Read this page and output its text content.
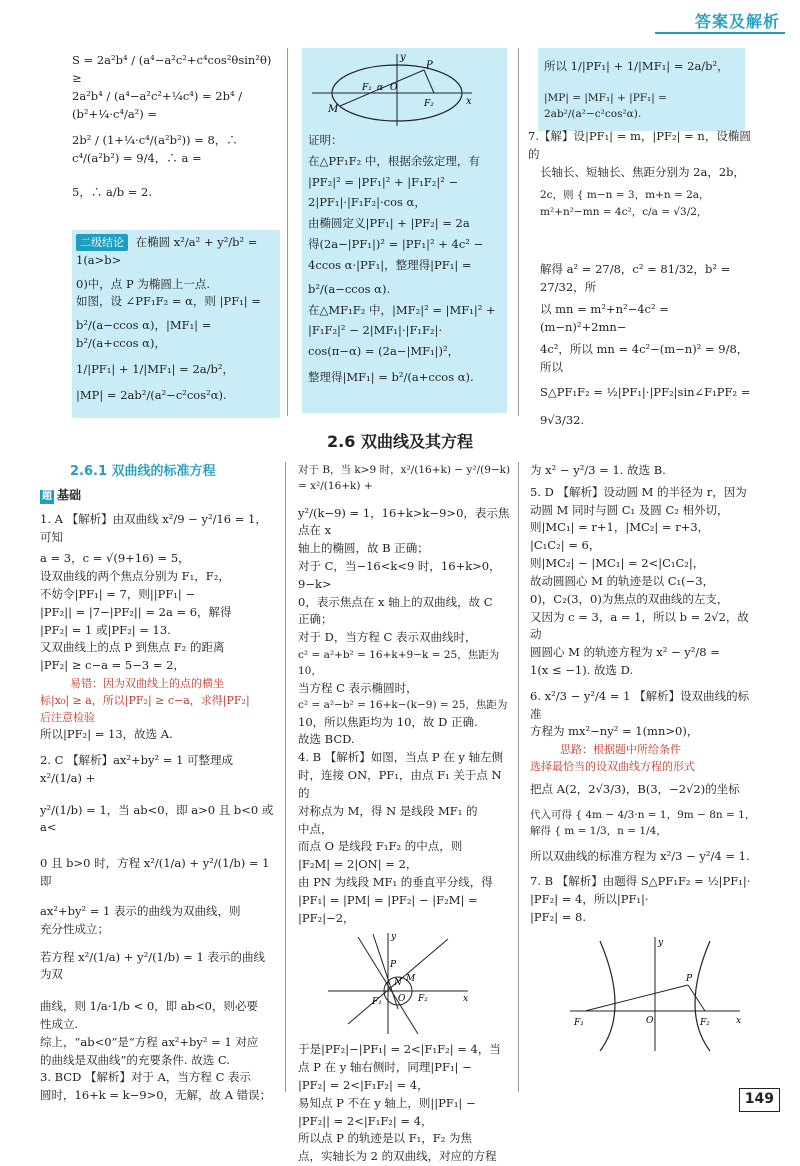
答案及解析

S = 2a²b⁴ / (a⁴−a²c²+c⁴cos²θsin²θ) ≥

2a²b⁴ / (a⁴−a²c²+¼c⁴) = 2b⁴ / (b²+¼·c⁴/a²) =

2b² / (1+¼·c⁴/(a²b²)) = 8，∴ c⁴/(a²b²) = 9/4，∴ a =

5，∴ a/b = 2.

二级结论 在椭圆 x²/a² + y²/b² = 1(a>b>

0)中，点 P 为椭圆上一点.

如图，设 ∠PF₁F₂ = α，则 |PF₁| =

b²/(a−ccos α)，|MF₁| = b²/(a+ccos α)，

1/|PF₁| + 1/|MF₁| = 2a/b²，

|MP| = 2ab²/(a²−c²cos²α).

y
x
P
M
F₁ α O
F₂

证明：

在△PF₁F₂ 中，根据余弦定理，有

|PF₂|² = |PF₁|² + |F₁F₂|² −

2|PF₁|·|F₁F₂|·cos α，

由椭圆定义|PF₁| + |PF₂| = 2a

得(2a−|PF₁|)² = |PF₁|² + 4c² −

4ccos α·|PF₁|，整理得|PF₁| =

b²/(a−ccos α).

在△MF₁F₂ 中，|MF₂|² = |MF₁|² +

|F₁F₂|² − 2|MF₁|·|F₁F₂|·

cos(π−α) = (2a−|MF₁|)²，

整理得|MF₁| = b²/(a+ccos α).

所以 1/|PF₁| + 1/|MF₁| = 2a/b²，

|MP| = |MF₁| + |PF₁| = 2ab²/(a²−c²cos²α).

7.【解】设|PF₁| = m，|PF₂| = n，设椭圆的

长轴长、短轴长、焦距分别为 2a，2b，

2c，则 { m−n = 3，m+n = 2a，m²+n²−mn = 4c²，c/a = √3/2，

解得 a² = 27/8，c² = 81/32，b² = 27/32，所

以 mn = m²+n²−4c² = (m−n)²+2mn−

4c²，所以 mn = 4c²−(m−n)² = 9/8，所以

S△PF₁F₂ = ½|PF₁|·|PF₂|sin∠F₁PF₂ =

9√3/32.

2.6 双曲线及其方程

2.6.1 双曲线的标准方程

题 基础

1. A 【解析】由双曲线 x²/9 − y²/16 = 1，可知

a = 3，c = √(9+16) = 5，

设双曲线的两个焦点分别为 F₁，F₂，

不妨令|PF₁| = 7，则||PF₁| −

|PF₂|| = |7−|PF₂|| = 2a = 6，解得

|PF₂| = 1 或|PF₂| = 13.

又双曲线上的点 P 到焦点 F₂ 的距离

|PF₂| ≥ c−a = 5−3 = 2，

易错：因为双曲线上的点的横坐

标|x₀| ≥ a，所以|PF₂| ≥ c−a，求得|PF₂|

后注意检验

所以|PF₂| = 13，故选 A.

2. C 【解析】ax²+by² = 1 可整理成 x²/(1/a) +

y²/(1/b) = 1，当 ab<0，即 a>0 且 b<0 或 a<

0 且 b>0 时，方程 x²/(1/a) + y²/(1/b) = 1 即

ax²+by² = 1 表示的曲线为双曲线，则

充分性成立；

若方程 x²/(1/a) + y²/(1/b) = 1 表示的曲线为双

曲线，则 1/a·1/b < 0，即 ab<0，则必要

性成立.

综上，“ab<0”是“方程 ax²+by² = 1 对应

的曲线是双曲线”的充要条件. 故选 C.

3. BCD 【解析】对于 A，当方程 C 表示

圆时，16+k = k−9>0，无解，故 A 错误；

对于 B，当 k>9 时，x²/(16+k) − y²/(9−k) = x²/(16+k) +

y²/(k−9) = 1，16+k>k−9>0，表示焦点在 x

轴上的椭圆，故 B 正确；

对于 C，当−16<k<9 时，16+k>0，9−k>

0，表示焦点在 x 轴上的双曲线，故 C

正确；

对于 D，当方程 C 表示双曲线时，

c² = a²+b² = 16+k+9−k = 25，焦距为 10，

当方程 C 表示椭圆时，

c² = a²−b² = 16+k−(k−9) = 25，焦距为

10，所以焦距均为 10，故 D 正确.

故选 BCD.

4. B 【解析】如图，当点 P 在 y 轴左侧

时，连接 ON，PF₁，由点 F₁ 关于点 N 的

对称点为 M，得 N 是线段 MF₁ 的

中点，

而点 O 是线段 F₁F₂ 的中点，则

|F₂M| = 2|ON| = 2，

由 PN 为线段 MF₁ 的垂直平分线，得

|PF₁| = |PM| = |PF₂| − |F₂M| =

|PF₂|−2，

y
x
P
M
N
O
F₁	F₂

于是|PF₂|−|PF₁| = 2<|F₁F₂| = 4，当

点 P 在 y 轴右侧时，同理|PF₁| −

|PF₂| = 2<|F₁F₂| = 4，

易知点 P 不在 y 轴上，则||PF₁| −

|PF₂|| = 2<|F₁F₂| = 4，

所以点 P 的轨迹是以 F₁，F₂ 为焦

点，实轴长为 2 的双曲线，对应的方程

为 x² − y²/3 = 1. 故选 B.

5. D 【解析】设动圆 M 的半径为 r，因为

动圆 M 同时与圆 C₁ 及圆 C₂ 相外切，

则|MC₁| = r+1，|MC₂| = r+3，

|C₁C₂| = 6，

则|MC₂| − |MC₁| = 2<|C₁C₂|，

故动圆圆心 M 的轨迹是以 C₁(−3，

0)，C₂(3，0)为焦点的双曲线的左支，

又因为 c = 3，a = 1，所以 b = 2√2，故动

圆圆心 M 的轨迹方程为 x² − y²/8 =

1(x ≤ −1). 故选 D.

6. x²/3 − y²/4 = 1 【解析】设双曲线的标准

方程为 mx²−ny² = 1(mn>0)，

思路：根据题中所给条件

选择最恰当的设双曲线方程的形式

把点 A(2，2√3/3)，B(3，−2√2)的坐标

代入可得 { 4m − 4/3·n = 1，9m − 8n = 1，解得 { m = 1/3，n = 1/4，

所以双曲线的标准方程为 x²/3 − y²/4 = 1.

7. B 【解析】由题得 S△PF₁F₂ = ½|PF₁|·

|PF₂| = 4，所以|PF₁|·

|PF₂| = 8.

y
x
P
O
F₁	F₂
149
